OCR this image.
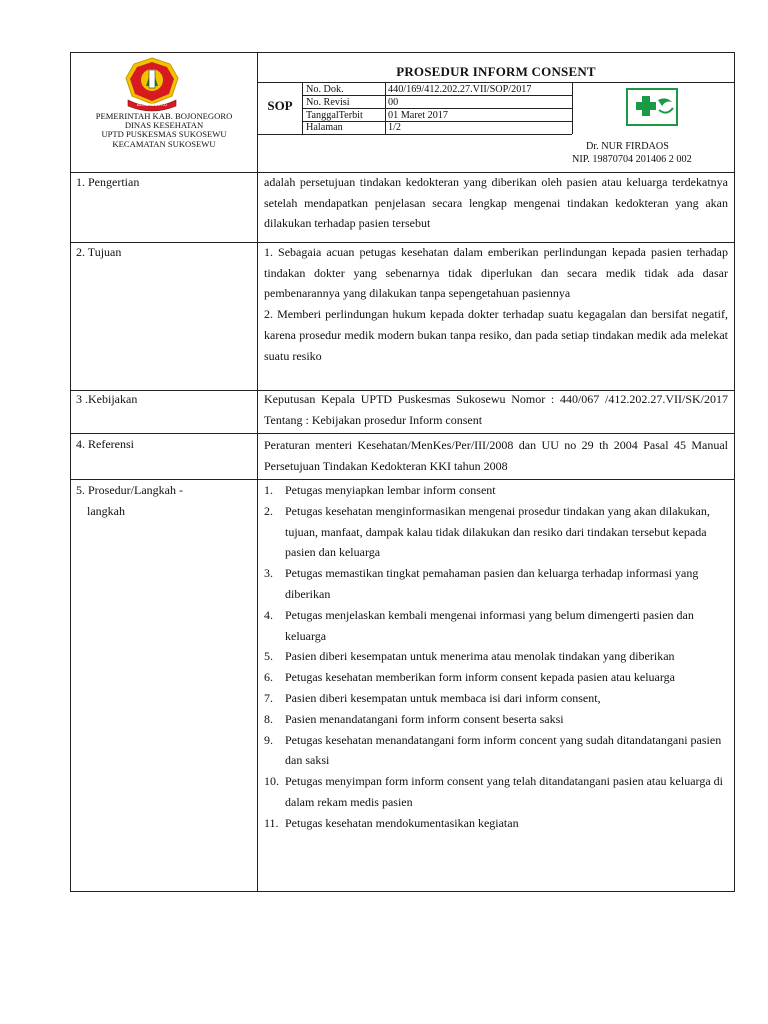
BOJONEGORO
PEMERINTAH KAB. BOJONEGORO
DINAS KESEHATAN
UPTD PUSKESMAS SUKOSEWU
KECAMATAN SUKOSEWU
PROSEDUR INFORM CONSENT
SOP
No. Dok.	440/169/412.202.27.VII/SOP/2017
No. Revisi	00
TanggalTerbit 01 Maret 2017
Halaman	1/2
Dr. NUR FIRDAOS
NIP. 19870704 201406 2 002
1. Pengertian	adalah persetujuan tindakan kedokteran yang diberikan oleh pasien atau keluarga terdekatnya setelah mendapatkan penjelasan secara lengkap mengenai tindakan kedokteran yang akan dilakukan terhadap pasien tersebut
2. Tujuan	1. Sebagaia acuan petugas kesehatan dalam emberikan perlindungan kepada pasien terhadap tindakan dokter yang sebenarnya tidak diperlukan dan secara medik tidak ada dasar pembenarannya yang dilakukan tanpa sepengetahuan pasiennya
2. Memberi perlindungan hukum kepada dokter terhadap suatu kegagalan dan bersifat negatif, karena prosedur medik modern bukan tanpa resiko, dan pada setiap tindakan medik ada melekat suatu resiko
3 .Kebijakan	Keputusan Kepala UPTD Puskesmas Sukosewu Nomor : 440/067 /412.202.27.VII/SK/2017 Tentang : Kebijakan prosedur Inform consent
4. Referensi	Peraturan menteri Kesehatan/MenKes/Per/III/2008 dan UU no 29 th 2004 Pasal 45 Manual Persetujuan Tindakan Kedokteran KKI tahun 2008
5. Prosedur/Langkah -
langkah
1. Petugas menyiapkan lembar inform consent
2. Petugas kesehatan menginformasikan mengenai prosedur tindakan yang akan dilakukan, tujuan, manfaat, dampak kalau tidak dilakukan dan resiko dari tindakan tersebut kepada pasien dan keluarga
3. Petugas memastikan tingkat pemahaman pasien dan keluarga terhadap informasi yang diberikan
4. Petugas menjelaskan kembali mengenai informasi yang belum dimengerti pasien dan keluarga
5. Pasien diberi kesempatan untuk menerima atau menolak tindakan yang diberikan
6. Petugas kesehatan memberikan form inform consent kepada pasien atau keluarga
7. Pasien diberi kesempatan untuk membaca isi dari inform consent,
8. Pasien menandatangani form inform consent beserta saksi
9. Petugas kesehatan menandatangani form inform concent yang sudah ditandatangani pasien dan saksi
10. Petugas menyimpan form inform consent yang telah ditandatangani pasien atau keluarga di dalam rekam medis pasien
11. Petugas kesehatan mendokumentasikan kegiatan
